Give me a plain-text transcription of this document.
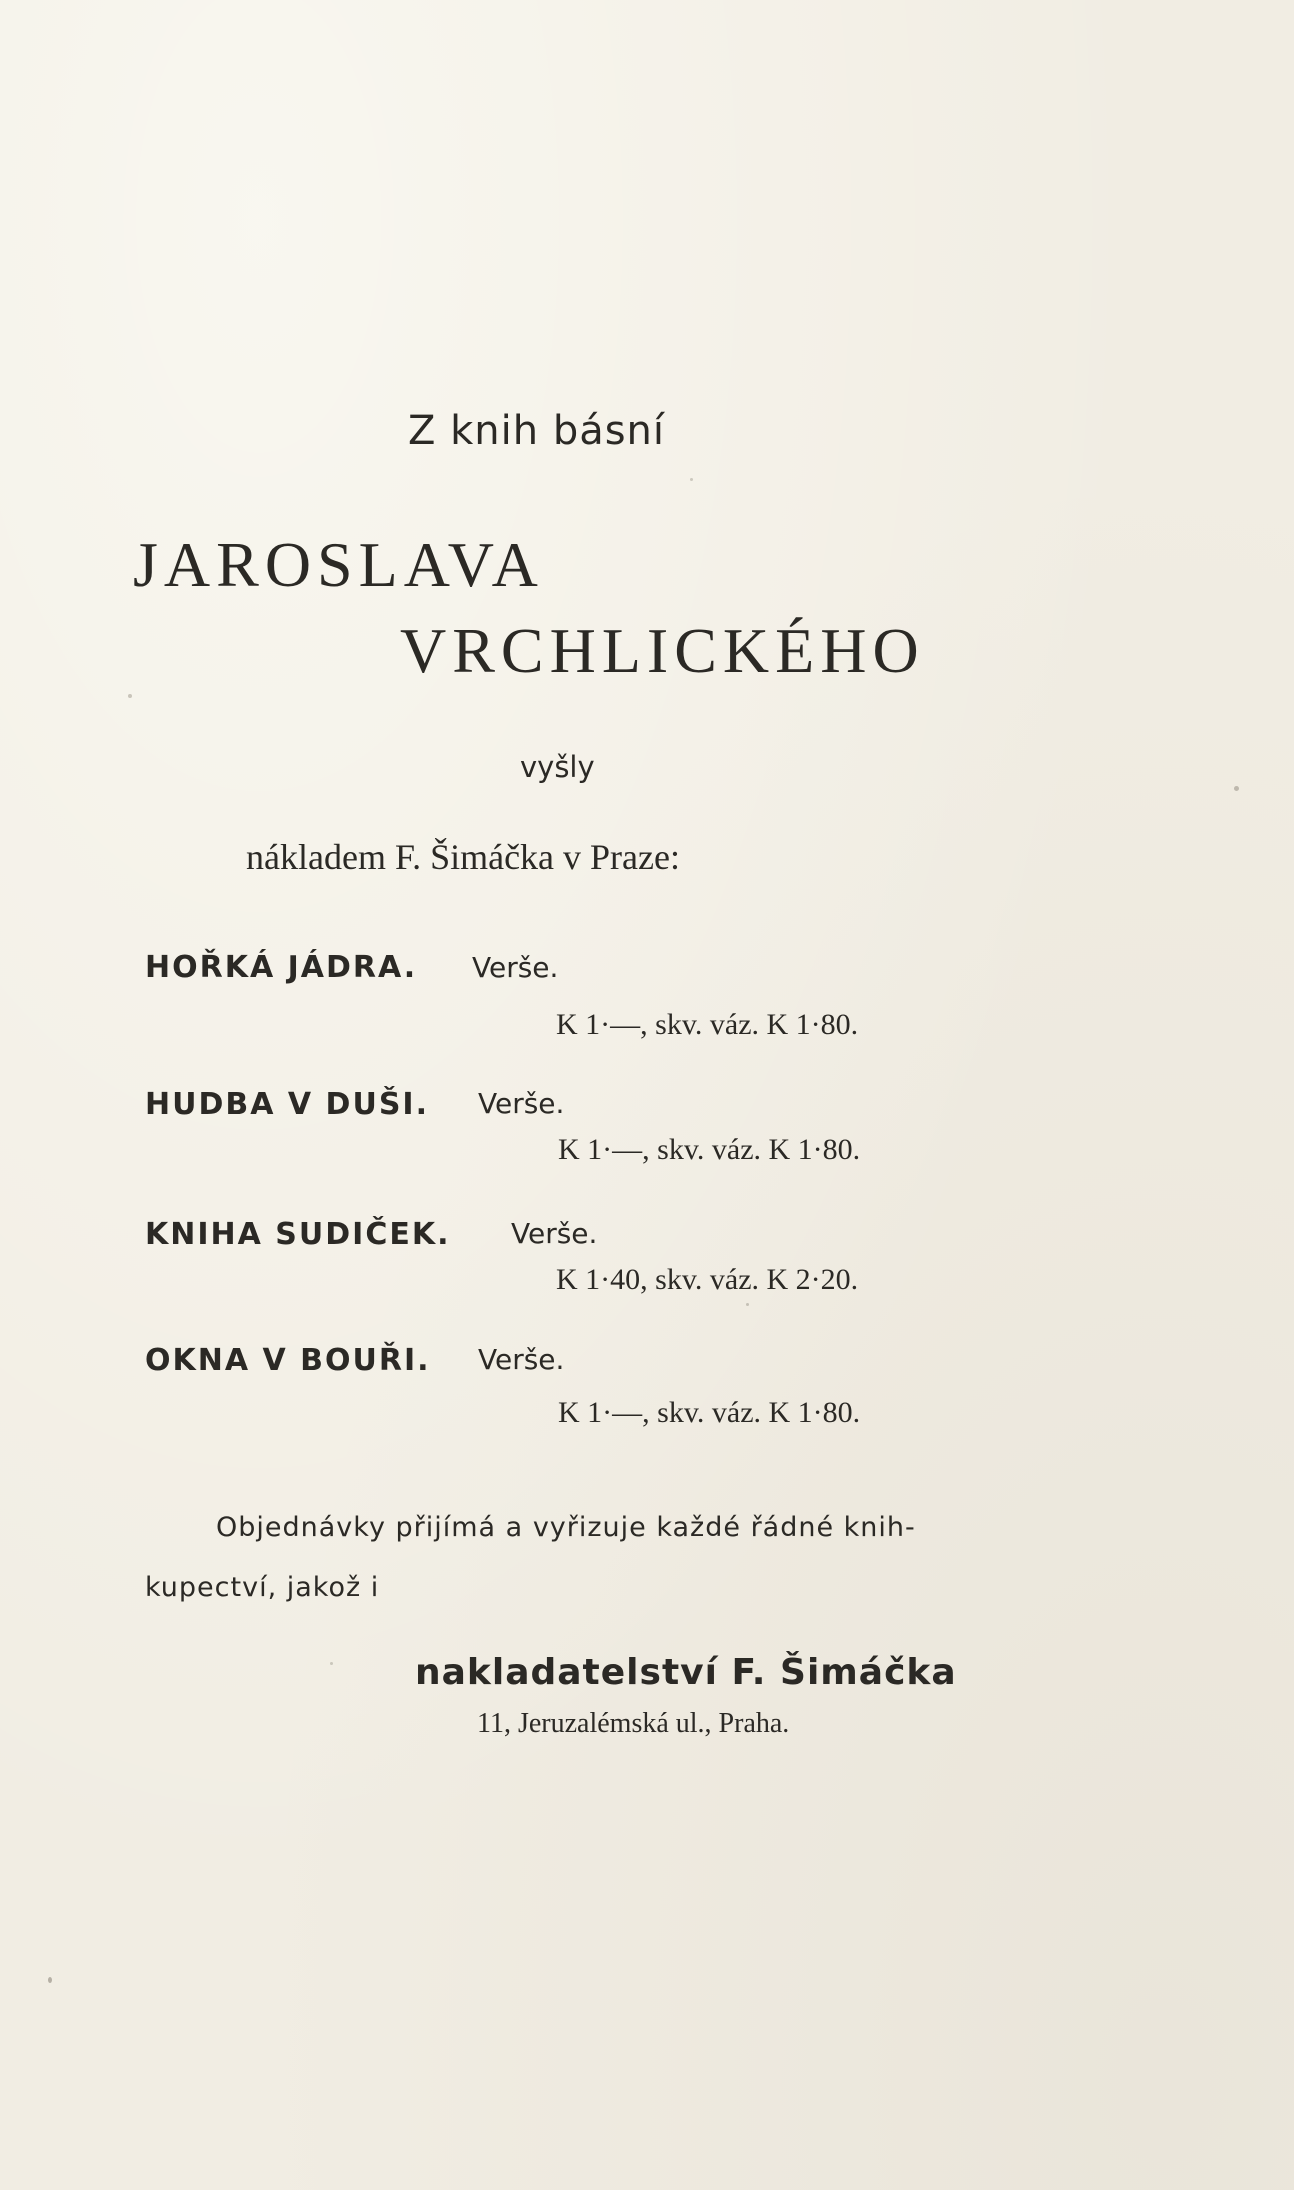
Z knih básní
JAROSLAVA
VRCHLICKÉHO
vyšly
nákladem F. Šimáčka v Praze:
HOŘKÁ JÁDRA. Verše.
K 1·—, skv. váz. K 1·80.
HUDBA V DUŠI. Verše.
K 1·—, skv. váz. K 1·80.
KNIHA SUDIČEK. Verše.
K 1·40, skv. váz. K 2·20.
OKNA V BOUŘI. Verše.
K 1·—, skv. váz. K 1·80.
Objednávky přijímá a vyřizuje každé řádné knih-
kupectví, jakož i
nakladatelství F. Šimáčka
11, Jeruzalémská ul., Praha.
